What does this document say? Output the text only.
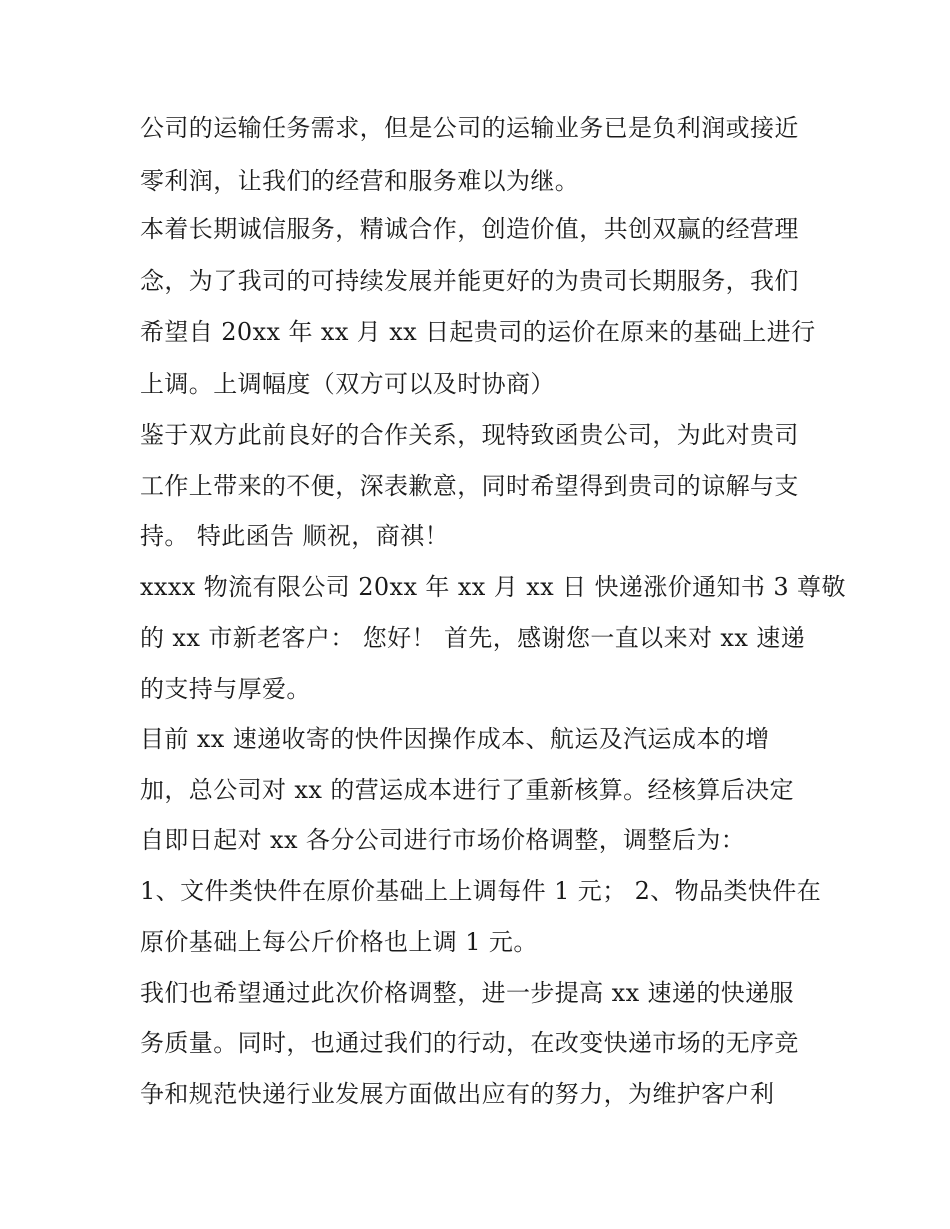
公司的运输任务需求，但是公司的运输业务已是负利润或接近
零利润，让我们的经营和服务难以为继。
本着长期诚信服务，精诚合作，创造价值，共创双赢的经营理
念，为了我司的可持续发展并能更好的为贵司长期服务，我们
希望自 20xx 年 xx 月 xx 日起贵司的运价在原来的基础上进行
上调。上调幅度（双方可以及时协商）
鉴于双方此前良好的合作关系，现特致函贵公司，为此对贵司
工作上带来的不便，深表歉意，同时希望得到贵司的谅解与支
持。 特此函告 顺祝，商祺！
xxxx 物流有限公司 20xx 年 xx 月 xx 日 快递涨价通知书 3 尊敬
的 xx 市新老客户： 您好！ 首先，感谢您一直以来对 xx 速递
的支持与厚爱。
目前 xx 速递收寄的快件因操作成本、航运及汽运成本的增
加，总公司对 xx 的营运成本进行了重新核算。经核算后决定
自即日起对 xx 各分公司进行市场价格调整，调整后为：
1、文件类快件在原价基础上上调每件 1 元； 2、物品类快件在
原价基础上每公斤价格也上调 1 元。
我们也希望通过此次价格调整，进一步提高 xx 速递的快递服
务质量。同时，也通过我们的行动，在改变快递市场的无序竞
争和规范快递行业发展方面做出应有的努力，为维护客户利
